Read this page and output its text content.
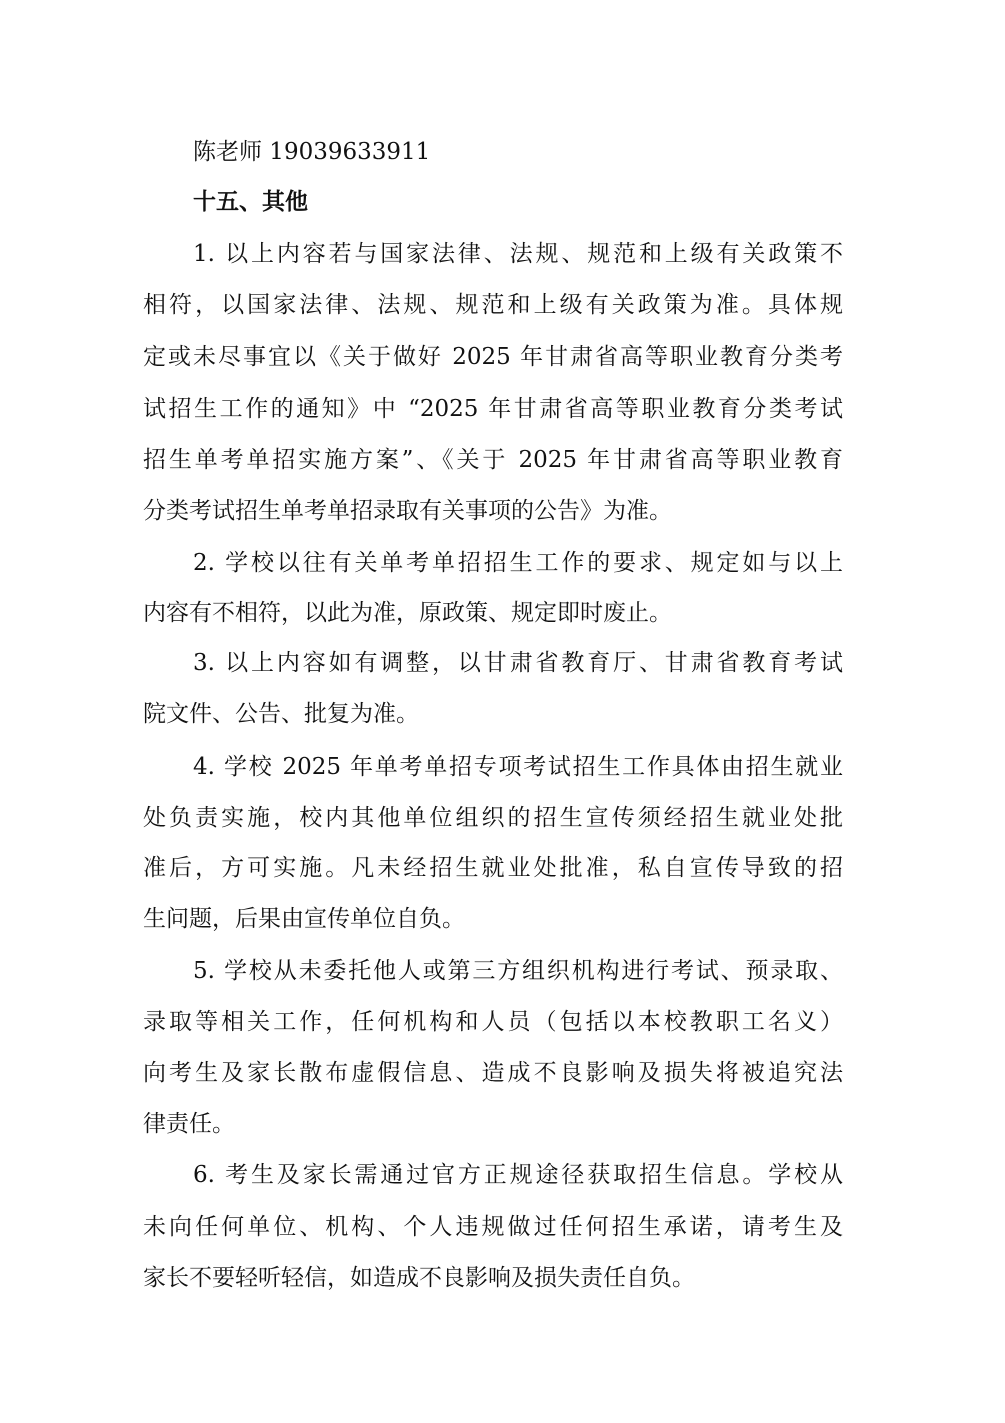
陈老师 19039633911
十五、其他
1. 以上内容若与国家法律、法规、规范和上级有关政策不
相符，以国家法律、法规、规范和上级有关政策为准。具体规
定或未尽事宜以《关于做好 2025 年甘肃省高等职业教育分类考
试招生工作的通知》中 “2025 年甘肃省高等职业教育分类考试
招生单考单招实施方案”、《关于 2025 年甘肃省高等职业教育
分类考试招生单考单招录取有关事项的公告》为准。
2. 学校以往有关单考单招招生工作的要求、规定如与以上
内容有不相符，以此为准，原政策、规定即时废止。
3. 以上内容如有调整，以甘肃省教育厅、甘肃省教育考试
院文件、公告、批复为准。
4. 学校 2025 年单考单招专项考试招生工作具体由招生就业
处负责实施，校内其他单位组织的招生宣传须经招生就业处批
准后，方可实施。凡未经招生就业处批准，私自宣传导致的招
生问题，后果由宣传单位自负。
5. 学校从未委托他人或第三方组织机构进行考试、预录取、
录取等相关工作，任何机构和人员（包括以本校教职工名义）
向考生及家长散布虚假信息、造成不良影响及损失将被追究法
律责任。
6. 考生及家长需通过官方正规途径获取招生信息。学校从
未向任何单位、机构、个人违规做过任何招生承诺，请考生及
家长不要轻听轻信，如造成不良影响及损失责任自负。
